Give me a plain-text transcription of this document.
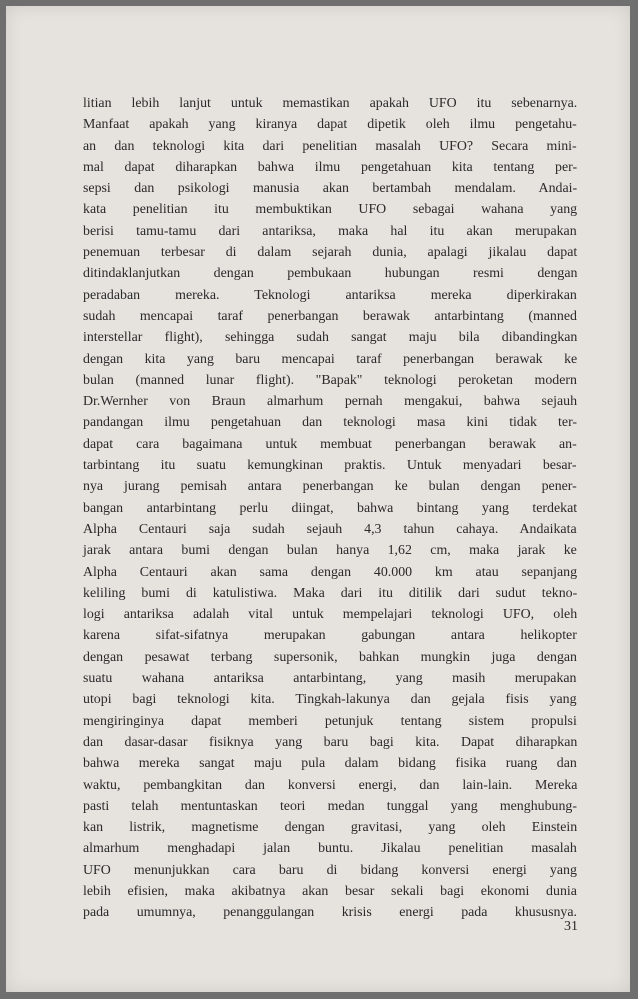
litian lebih lanjut untuk memastikan apakah UFO itu sebenarnya.
Manfaat apakah yang kiranya dapat dipetik oleh ilmu pengetahu-
an dan teknologi kita dari penelitian masalah UFO? Secara mini-
mal dapat diharapkan bahwa ilmu pengetahuan kita tentang per-
sepsi dan psikologi manusia akan bertambah mendalam. Andai-
kata penelitian itu membuktikan UFO sebagai wahana yang
berisi tamu-tamu dari antariksa, maka hal itu akan merupakan
penemuan terbesar di dalam sejarah dunia, apalagi jikalau dapat
ditindaklanjutkan dengan pembukaan hubungan resmi dengan
peradaban mereka. Teknologi antariksa mereka diperkirakan
sudah mencapai taraf penerbangan berawak antarbintang (manned
interstellar flight), sehingga sudah sangat maju bila dibandingkan
dengan kita yang baru mencapai taraf penerbangan berawak ke
bulan (manned lunar flight). "Bapak" teknologi peroketan modern
Dr.Wernher von Braun almarhum pernah mengakui, bahwa sejauh
pandangan ilmu pengetahuan dan teknologi masa kini tidak ter-
dapat cara bagaimana untuk membuat penerbangan berawak an-
tarbintang itu suatu kemungkinan praktis. Untuk menyadari besar-
nya jurang pemisah antara penerbangan ke bulan dengan pener-
bangan antarbintang perlu diingat, bahwa bintang yang terdekat
Alpha Centauri saja sudah sejauh 4,3 tahun cahaya. Andaikata
jarak antara bumi dengan bulan hanya 1,62 cm, maka jarak ke
Alpha Centauri akan sama dengan 40.000 km atau sepanjang
keliling bumi di katulistiwa. Maka dari itu ditilik dari sudut tekno-
logi antariksa adalah vital untuk mempelajari teknologi UFO, oleh
karena sifat-sifatnya merupakan gabungan antara helikopter
dengan pesawat terbang supersonik, bahkan mungkin juga dengan
suatu wahana antariksa antarbintang, yang masih merupakan
utopi bagi teknologi kita. Tingkah-lakunya dan gejala fisis yang
mengiringinya dapat memberi petunjuk tentang sistem propulsi
dan dasar-dasar fisiknya yang baru bagi kita. Dapat diharapkan
bahwa mereka sangat maju pula dalam bidang fisika ruang dan
waktu, pembangkitan dan konversi energi, dan lain-lain. Mereka
pasti telah mentuntaskan teori medan tunggal yang menghubung-
kan listrik, magnetisme dengan gravitasi, yang oleh Einstein
almarhum menghadapi jalan buntu. Jikalau penelitian masalah
UFO menunjukkan cara baru di bidang konversi energi yang
lebih efisien, maka akibatnya akan besar sekali bagi ekonomi dunia
pada umumnya, penanggulangan krisis energi pada khususnya.
31
